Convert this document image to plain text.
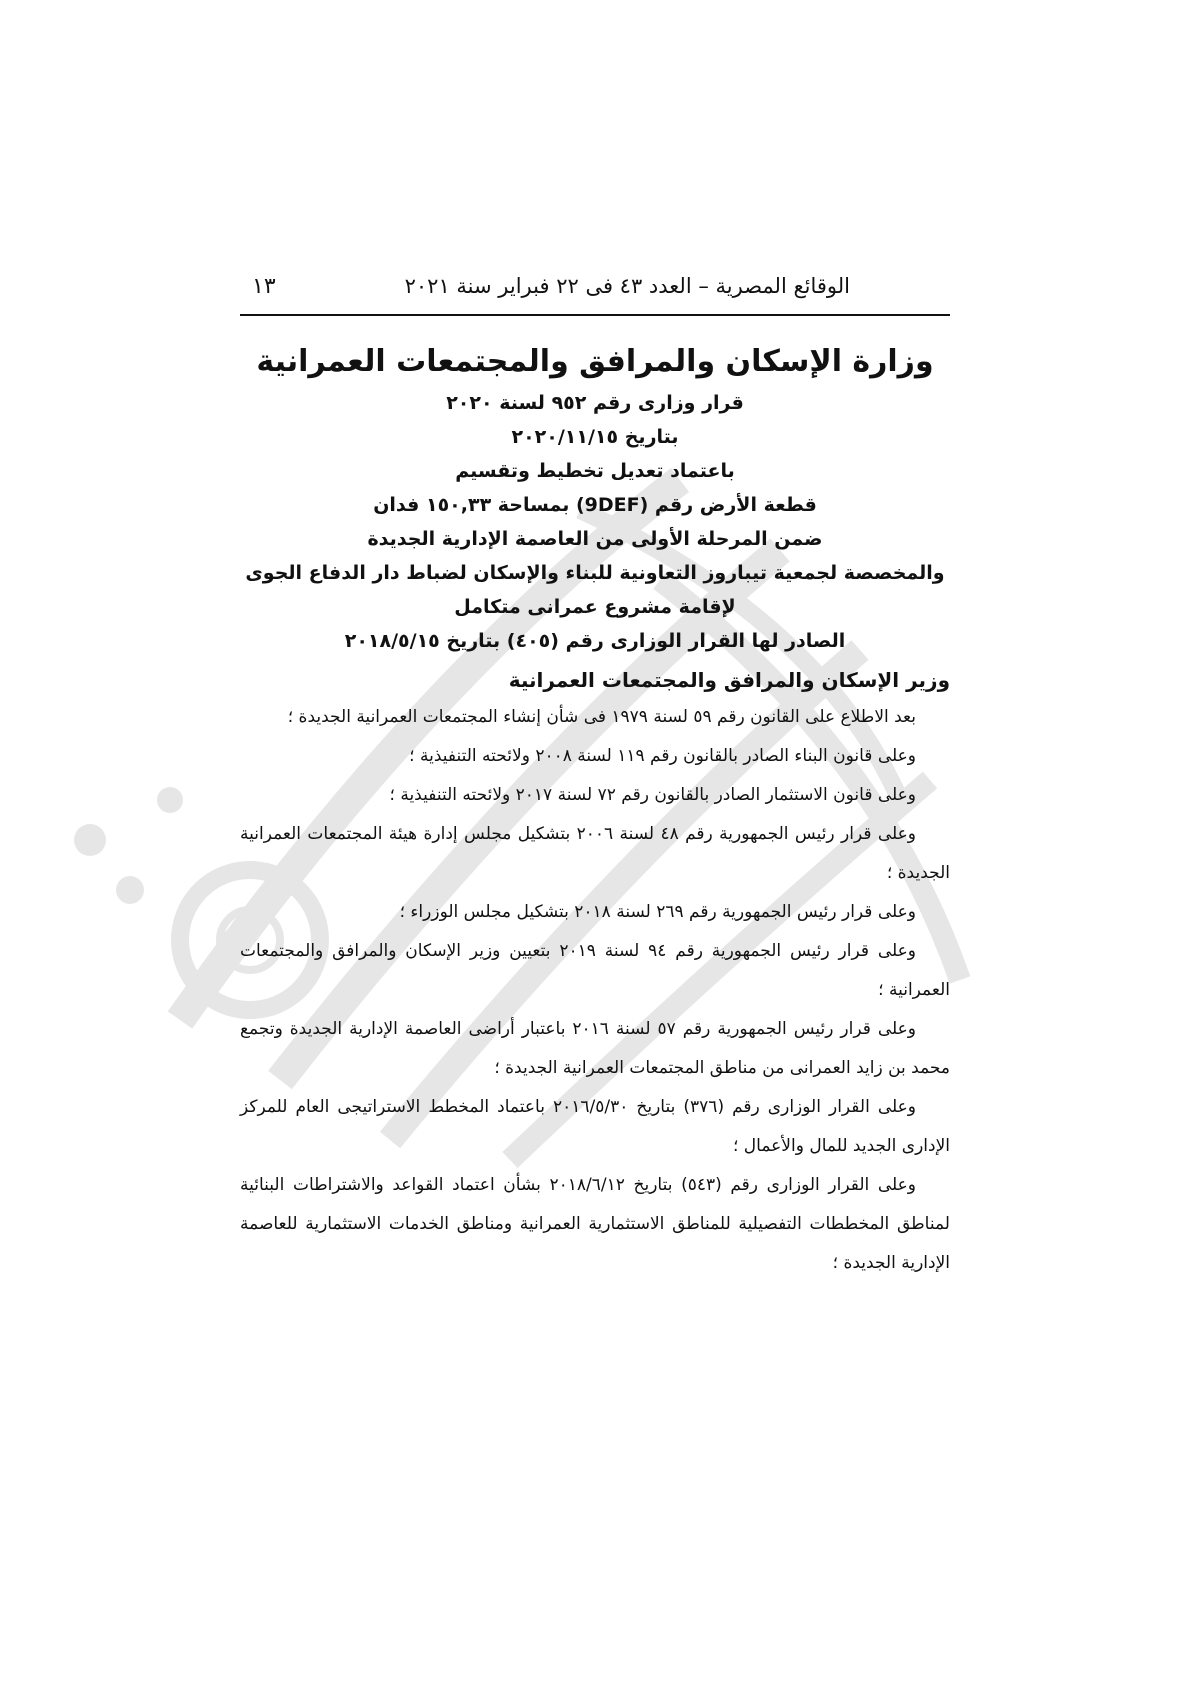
الوقائع المصرية – العدد ٤٣ فى ٢٢ فبراير سنة ٢٠٢١
١٣
وزارة الإسكان والمرافق والمجتمعات العمرانية
قرار وزارى رقم ٩٥٢ لسنة ٢٠٢٠
بتاريخ ٢٠٢٠/١١/١٥
باعتماد تعديل تخطيط وتقسيم
قطعة الأرض رقم (9DEF) بمساحة ١٥٠,٣٣ فدان
ضمن المرحلة الأولى من العاصمة الإدارية الجديدة
والمخصصة لجمعية تيباروز التعاونية للبناء والإسكان لضباط دار الدفاع الجوى
لإقامة مشروع عمرانى متكامل
الصادر لها القرار الوزارى رقم (٤٠٥) بتاريخ ٢٠١٨/٥/١٥
وزير الإسكان والمرافق والمجتمعات العمرانية

بعد الاطلاع على القانون رقم ٥٩ لسنة ١٩٧٩ فى شأن إنشاء المجتمعات العمرانية الجديدة ؛

وعلى قانون البناء الصادر بالقانون رقم ١١٩ لسنة ٢٠٠٨ ولائحته التنفيذية ؛

وعلى قانون الاستثمار الصادر بالقانون رقم ٧٢ لسنة ٢٠١٧ ولائحته التنفيذية ؛

وعلى قرار رئيس الجمهورية رقم ٤٨ لسنة ٢٠٠٦ بتشكيل مجلس إدارة هيئة المجتمعات العمرانية الجديدة ؛

وعلى قرار رئيس الجمهورية رقم ٢٦٩ لسنة ٢٠١٨ بتشكيل مجلس الوزراء ؛

وعلى قرار رئيس الجمهورية رقم ٩٤ لسنة ٢٠١٩ بتعيين وزير الإسكان والمرافق والمجتمعات العمرانية ؛

وعلى قرار رئيس الجمهورية رقم ٥٧ لسنة ٢٠١٦ باعتبار أراضى العاصمة الإدارية الجديدة وتجمع محمد بن زايد العمرانى من مناطق المجتمعات العمرانية الجديدة ؛

وعلى القرار الوزارى رقم (٣٧٦) بتاريخ ٢٠١٦/٥/٣٠ باعتماد المخطط الاستراتيجى العام للمركز الإدارى الجديد للمال والأعمال ؛

وعلى القرار الوزارى رقم (٥٤٣) بتاريخ ٢٠١٨/٦/١٢ بشأن اعتماد القواعد والاشتراطات البنائية لمناطق المخططات التفصيلية للمناطق الاستثمارية العمرانية ومناطق الخدمات الاستثمارية للعاصمة الإدارية الجديدة ؛
